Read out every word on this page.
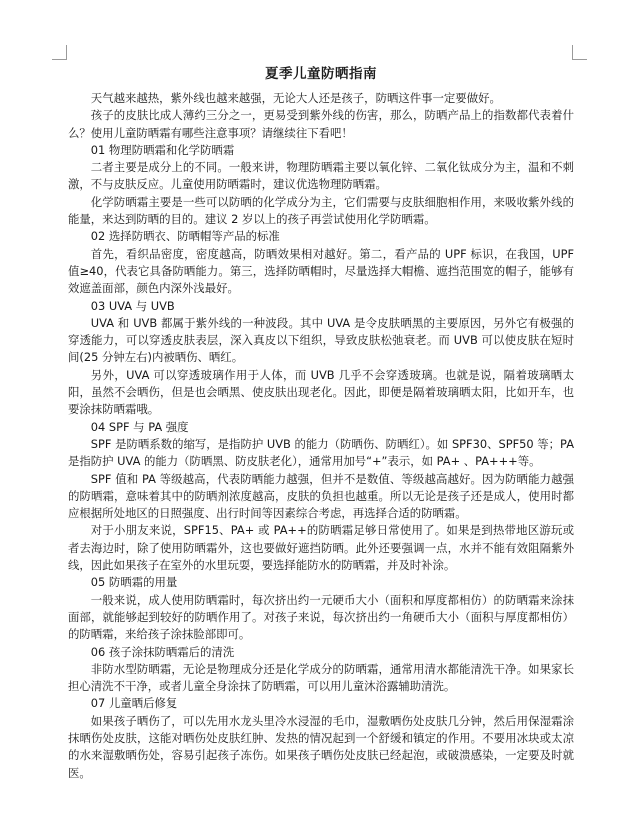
夏季儿童防晒指南

天气越来越热，紫外线也越来越强，无论大人还是孩子，防晒这件事一定要做好。

孩子的皮肤比成人薄约三分之一，更易受到紫外线的伤害，那么，防晒产品上的指数都代表着什么？使用儿童防晒霜有哪些注意事项？请继续往下看吧！

01 物理防晒霜和化学防晒霜

二者主要是成分上的不同。一般来讲，物理防晒霜主要以氧化锌、二氧化钛成分为主，温和不刺激，不与皮肤反应。儿童使用防晒霜时，建议优选物理防晒霜。

化学防晒霜主要是一些可以防晒的化学成分为主，它们需要与皮肤细胞相作用，来吸收紫外线的能量，来达到防晒的目的。建议 2 岁以上的孩子再尝试使用化学防晒霜。

02 选择防晒衣、防晒帽等产品的标准

首先，看织品密度，密度越高，防晒效果相对越好。第二，看产品的 UPF 标识，在我国，UPF 值≥40，代表它具备防晒能力。第三，选择防晒帽时，尽量选择大帽檐、遮挡范围宽的帽子，能够有效遮盖面部，颜色内深外浅最好。

03 UVA 与 UVB

UVA 和 UVB 都属于紫外线的一种波段。其中 UVA 是令皮肤晒黑的主要原因，另外它有极强的穿透能力，可以穿透皮肤表层，深入真皮以下组织，导致皮肤松弛衰老。而 UVB 可以使皮肤在短时间(25 分钟左右)内被晒伤、晒红。

另外，UVA 可以穿透玻璃作用于人体，而 UVB 几乎不会穿透玻璃。也就是说，隔着玻璃晒太阳，虽然不会晒伤，但是也会晒黑、使皮肤出现老化。因此，即便是隔着玻璃晒太阳，比如开车，也要涂抹防晒霜哦。

04 SPF 与 PA 强度

SPF 是防晒系数的缩写，是指防护 UVB 的能力（防晒伤、防晒红）。如 SPF30、SPF50 等；PA 是指防护 UVA 的能力（防晒黑、防皮肤老化），通常用加号“+”表示，如 PA+ 、PA+++等。

SPF 值和 PA 等级越高，代表防晒能力越强，但并不是数值、等级越高越好。因为防晒能力越强的防晒霜，意味着其中的防晒剂浓度越高，皮肤的负担也越重。所以无论是孩子还是成人，使用时都应根据所处地区的日照强度、出行时间等因素综合考虑，再选择合适的防晒霜。

对于小朋友来说，SPF15、PA+ 或 PA++的防晒霜足够日常使用了。如果是到热带地区游玩或者去海边时，除了使用防晒霜外，这也要做好遮挡防晒。此外还要强调一点，水并不能有效阻隔紫外线，因此如果孩子在室外的水里玩耍，要选择能防水的防晒霜，并及时补涂。

05 防晒霜的用量

一般来说，成人使用防晒霜时，每次挤出约一元硬币大小（面积和厚度都相仿）的防晒霜来涂抹面部，就能够起到较好的防晒作用了。对孩子来说，每次挤出约一角硬币大小（面积与厚度都相仿）的防晒霜，来给孩子涂抹脸部即可。

06 孩子涂抹防晒霜后的清洗

非防水型防晒霜，无论是物理成分还是化学成分的防晒霜，通常用清水都能清洗干净。如果家长担心清洗不干净，或者儿童全身涂抹了防晒霜，可以用儿童沐浴露辅助清洗。

07 儿童晒后修复

如果孩子晒伤了，可以先用水龙头里冷水浸湿的毛巾，湿敷晒伤处皮肤几分钟，然后用保湿霜涂抹晒伤处皮肤，这能对晒伤处皮肤红肿、发热的情况起到一个舒缓和镇定的作用。不要用冰块或太凉的水来湿敷晒伤处，容易引起孩子冻伤。如果孩子晒伤处皮肤已经起泡，或破溃感染，一定要及时就医。
